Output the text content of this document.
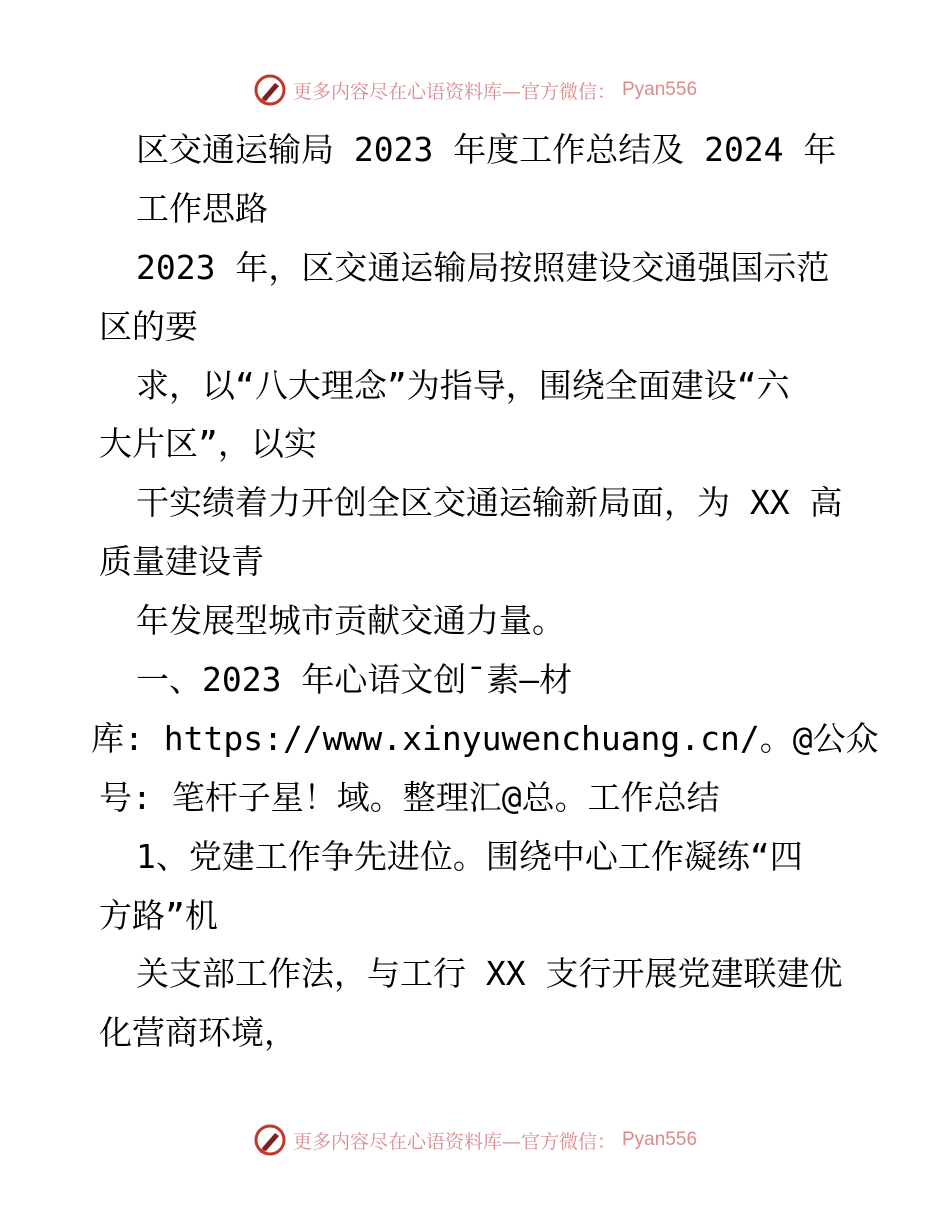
更多内容尽在心语资料库—官方微信： Pyan556
区交通运输局 2023 年度工作总结及 2024 年
工作思路
2023 年，区交通运输局按照建设交通强国示范
区的要
求，以“八大理念”为指导，围绕全面建设“六
大片区”，以实
干实绩着力开创全区交通运输新局面，为 XX 高
质量建设青
年发展型城市贡献交通力量。
一、2023 年心语文创¯素—材
库: https://www.xinyuwenchuang.cn/。@公众
号: 笔杆子星！域。整理汇@总。工作总结
1、党建工作争先进位。围绕中心工作凝练“四
方路”机
关支部工作法，与工行 XX 支行开展党建联建优
化营商环境，
更多内容尽在心语资料库—官方微信： Pyan556
